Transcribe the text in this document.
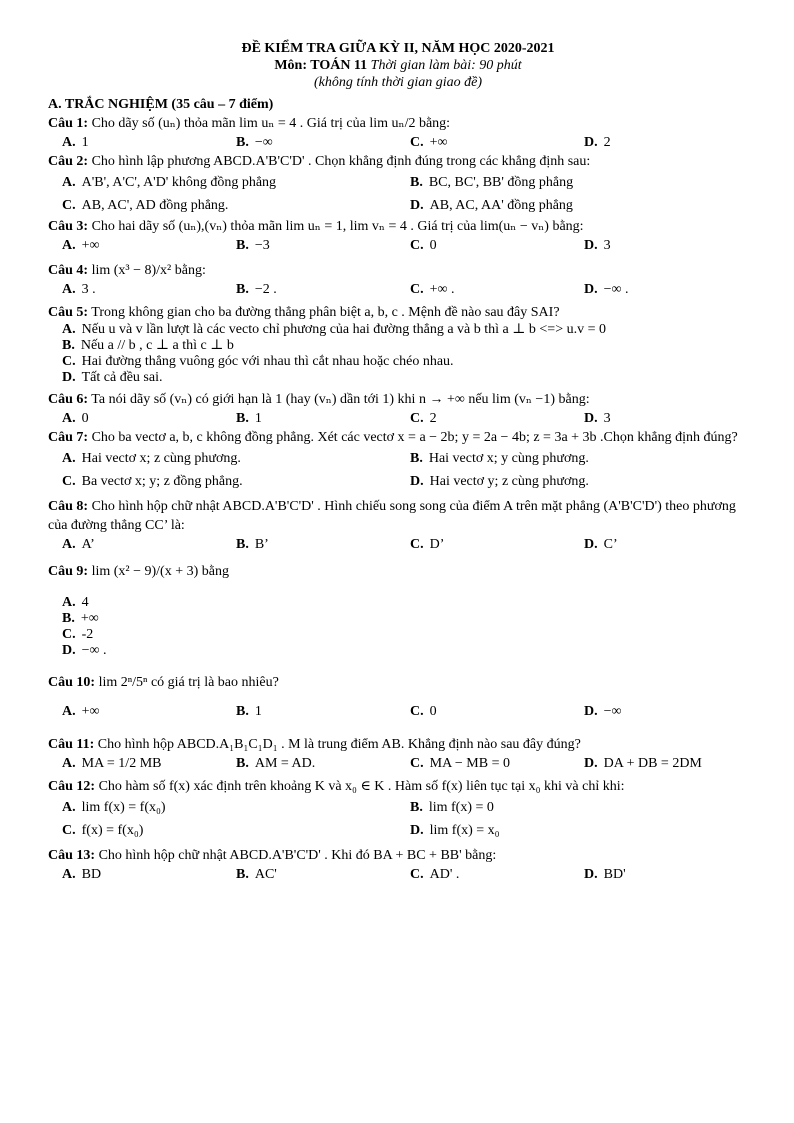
ĐỀ KIỂM TRA GIỮA KỲ II, NĂM HỌC 2020-2021
Môn: TOÁN 11 Thời gian làm bài: 90 phút
(không tính thời gian giao đề)
A. TRẮC NGHIỆM (35 câu – 7 điểm)
Câu 1: Cho dãy số (uₙ) thỏa mãn lim uₙ = 4 . Giá trị của lim uₙ/2 bằng:
A. 1	B. −∞	C. +∞	D. 2
Câu 2: Cho hình lập phương ABCD.A'B'C'D' . Chọn khẳng định đúng trong các khẳng định sau:
A. A'B', A'C', A'D' không đồng phẳng	B. BC, BC', BB' đồng phẳng
C. AB, AC', AD đồng phẳng.	D. AB, AC, AA' đồng phẳng
Câu 3: Cho hai dãy số (uₙ),(vₙ) thỏa mãn lim uₙ = 1, lim vₙ = 4 . Giá trị của lim(uₙ − vₙ) bằng:
A. +∞	B. −3	C. 0	D. 3
Câu 4: lim (x³ − 8)/x² bằng:
A. 3 .	B. −2 .	C. +∞ .	D. −∞ .
Câu 5: Trong không gian cho ba đường thẳng phân biệt a, b, c . Mệnh đề nào sau đây SAI?
A. Nếu u và v lần lượt là các vecto chỉ phương của hai đường thẳng a và b thì a ⊥ b <=> u.v = 0
B. Nếu a // b , c ⊥ a thì c ⊥ b
C. Hai đường thẳng vuông góc với nhau thì cắt nhau hoặc chéo nhau.
D. Tất cả đều sai.
Câu 6: Ta nói dãy số (vₙ) có giới hạn là 1 (hay (vₙ) dần tới 1) khi n → +∞ nếu lim (vₙ −1) bằng:
A. 0	B. 1	C. 2	D. 3
Câu 7: Cho ba vectơ a, b, c không đồng phẳng. Xét các vectơ x = a − 2b; y = 2a − 4b; z = 3a + 3b .Chọn khẳng định đúng?
A. Hai vectơ x; z cùng phương.	B. Hai vectơ x; y cùng phương.
C. Ba vectơ x; y; z đồng phẳng.	D. Hai vectơ y; z cùng phương.
Câu 8: Cho hình hộp chữ nhật ABCD.A'B'C'D' . Hình chiếu song song của điểm A trên mặt phẳng (A'B'C'D') theo phương của đường thẳng CC’ là:
A. A’	B. B’	C. D’	D. C’
Câu 9: lim (x² − 9)/(x + 3) bằng
A. 4
B. +∞
C. -2
D. −∞ .
Câu 10: lim 2ⁿ/5ⁿ có giá trị là bao nhiêu?
A. +∞	B. 1	C. 0	D. −∞
Câu 11: Cho hình hộp ABCD.A₁B₁C₁D₁ . M là trung điểm AB. Khẳng định nào sau đây đúng?
A. MA = 1/2 MB	B. AM = AD.	C. MA − MB = 0	D. DA + DB = 2DM
Câu 12: Cho hàm số f(x) xác định trên khoảng K và x₀ ∈ K . Hàm số f(x) liên tục tại x₀ khi và chỉ khi:
A. lim f(x) = f(x₀)	B. lim f(x) = 0
C. f(x) = f(x₀)	D. lim f(x) = x₀
Câu 13: Cho hình hộp chữ nhật ABCD.A'B'C'D' . Khi đó BA + BC + BB' bằng:
A. BD	B. AC'	C. AD' .	D. BD'
